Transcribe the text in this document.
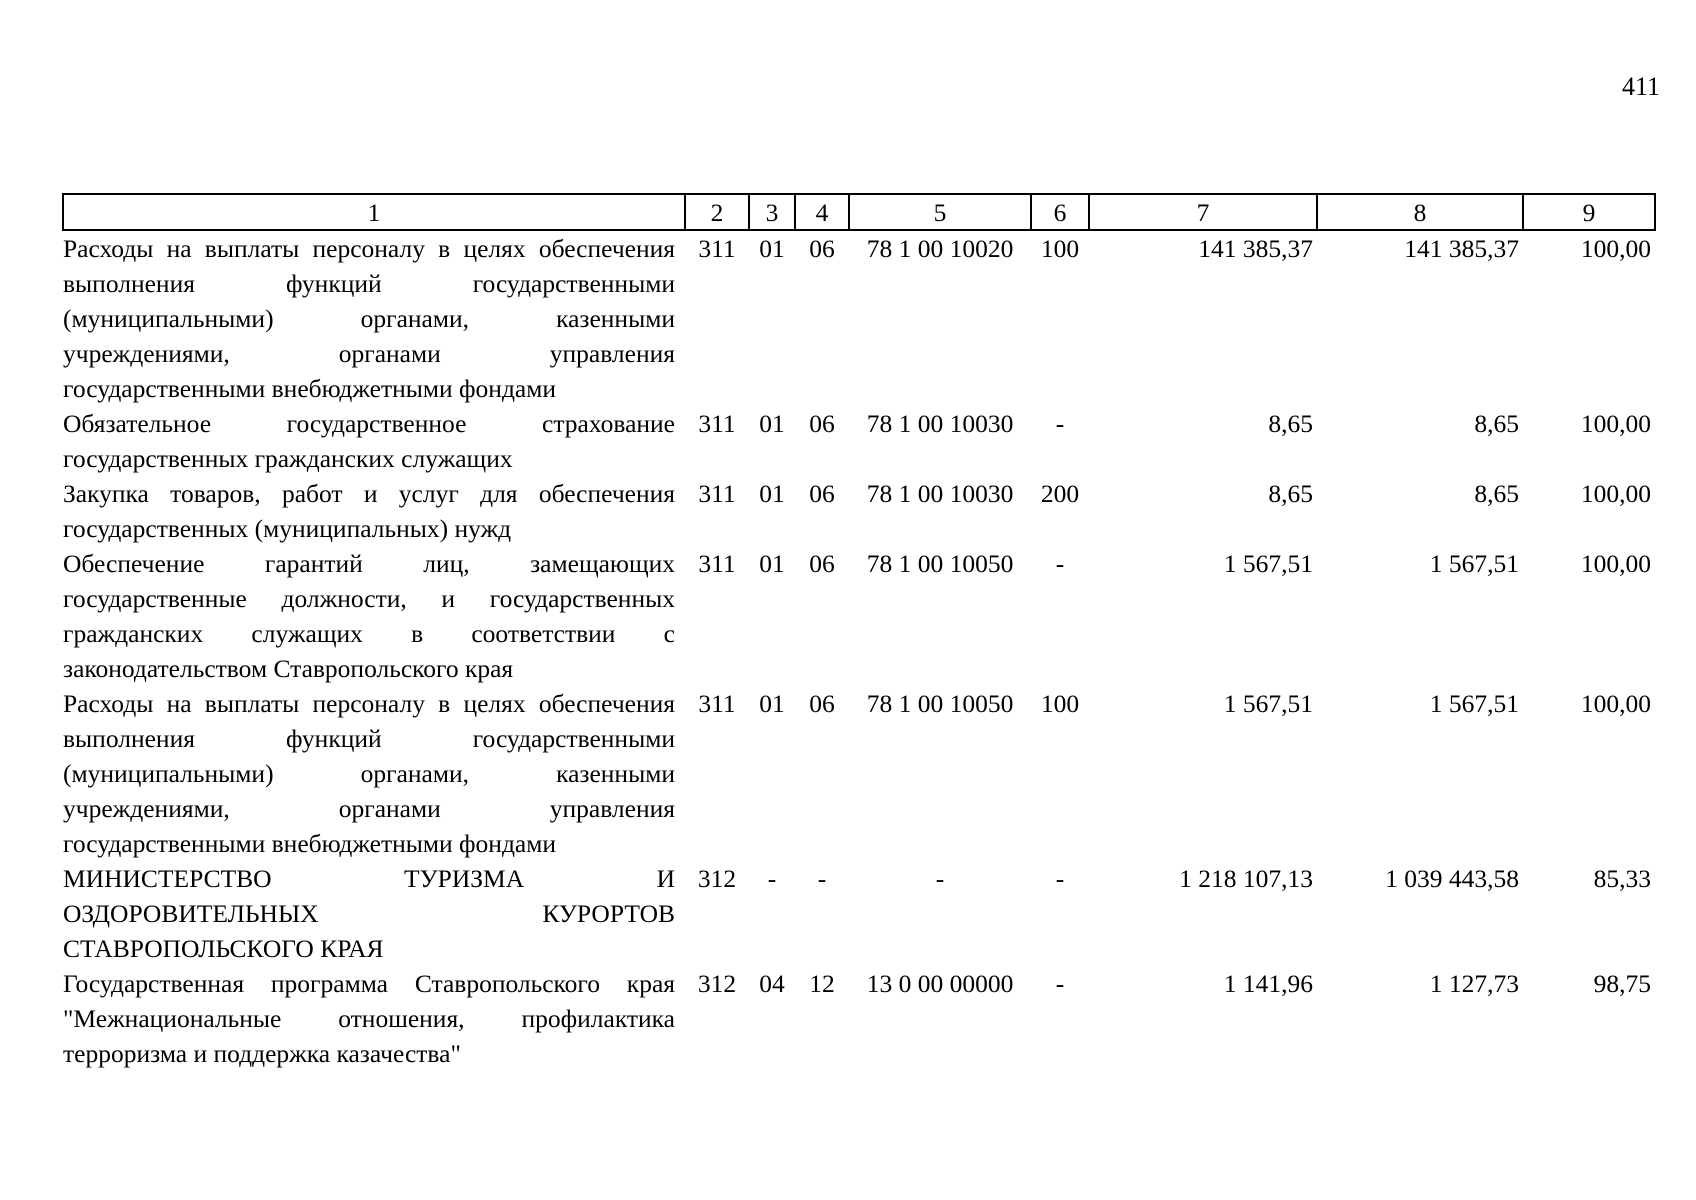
411
1	2	3	4	5	6	7	8	9
Расходы на выплаты персоналу в целях обеспечения выполнения функций государственными (муниципальными) органами, казенными учреждениями, органами управления государственными внебюджетными фондами	311	01	06	78 1 00 10020	100	141 385,37	141 385,37	100,00
Обязательное государственное страхование государственных гражданских служащих	311	01	06	78 1 00 10030	-	8,65	8,65	100,00
Закупка товаров, работ и услуг для обеспечения государственных (муниципальных) нужд	311	01	06	78 1 00 10030	200	8,65	8,65	100,00
Обеспечение гарантий лиц, замещающих государственные должности, и государственных гражданских служащих в соответствии с законодательством Ставропольского края	311	01	06	78 1 00 10050	-	1 567,51	1 567,51	100,00
Расходы на выплаты персоналу в целях обеспечения выполнения функций государственными (муниципальными) органами, казенными учреждениями, органами управления государственными внебюджетными фондами	311	01	06	78 1 00 10050	100	1 567,51	1 567,51	100,00
МИНИСТЕРСТВО ТУРИЗМА И ОЗДОРОВИТЕЛЬНЫХ КУРОРТОВ СТАВРОПОЛЬСКОГО КРАЯ	312	-	-	-	-	1 218 107,13	1 039 443,58	85,33
Государственная программа Ставропольского края "Межнациональные отношения, профилактика терроризма и поддержка казачества"	312	04	12	13 0 00 00000	-	1 141,96	1 127,73	98,75
